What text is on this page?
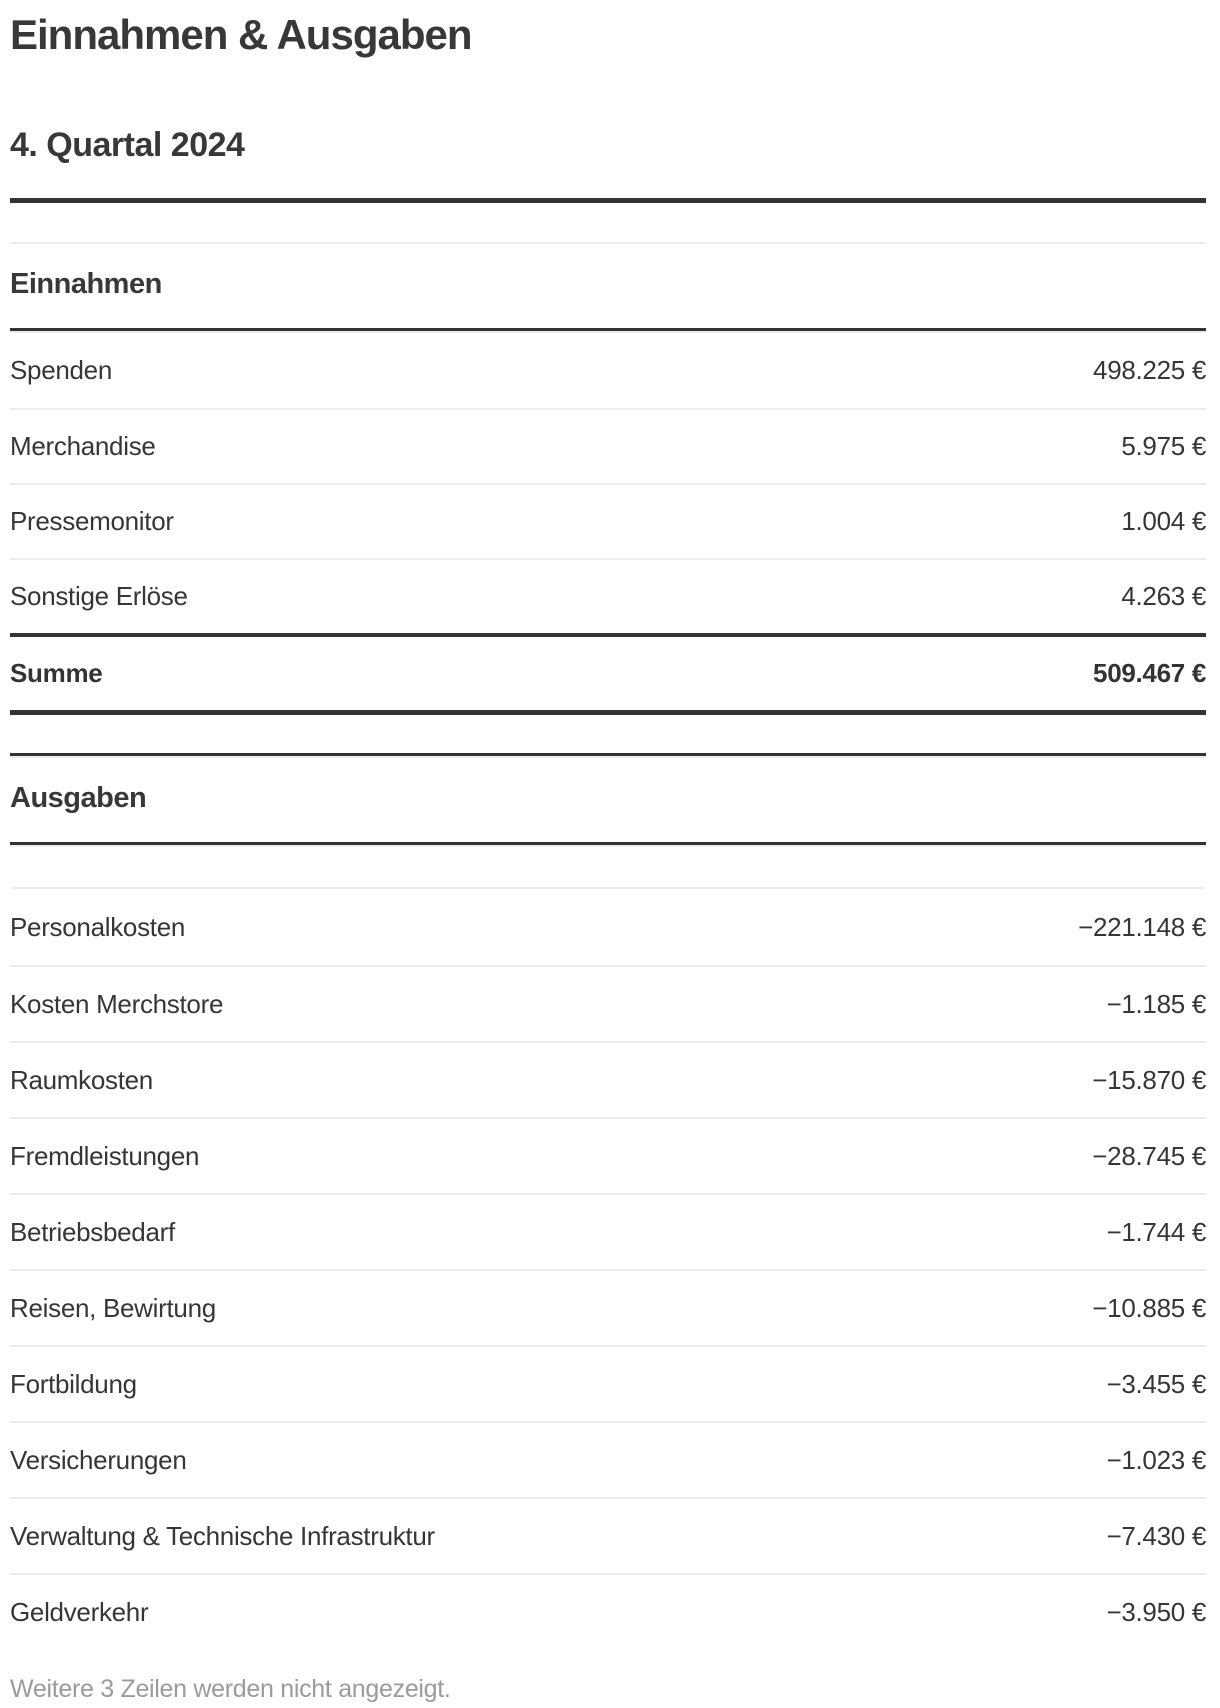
Einnahmen & Ausgaben
4. Quartal 2024
Einnahmen
Spenden	498.225 €
Merchandise	5.975 €
Pressemonitor	1.004 €
Sonstige Erlöse	4.263 €
Summe	509.467 €
Ausgaben
Personalkosten	−221.148 €
Kosten Merchstore	−1.185 €
Raumkosten	−15.870 €
Fremdleistungen	−28.745 €
Betriebsbedarf	−1.744 €
Reisen, Bewirtung	−10.885 €
Fortbildung	−3.455 €
Versicherungen	−1.023 €
Verwaltung & Technische Infrastruktur	−7.430 €
Geldverkehr	−3.950 €
Weitere 3 Zeilen werden nicht angezeigt.
